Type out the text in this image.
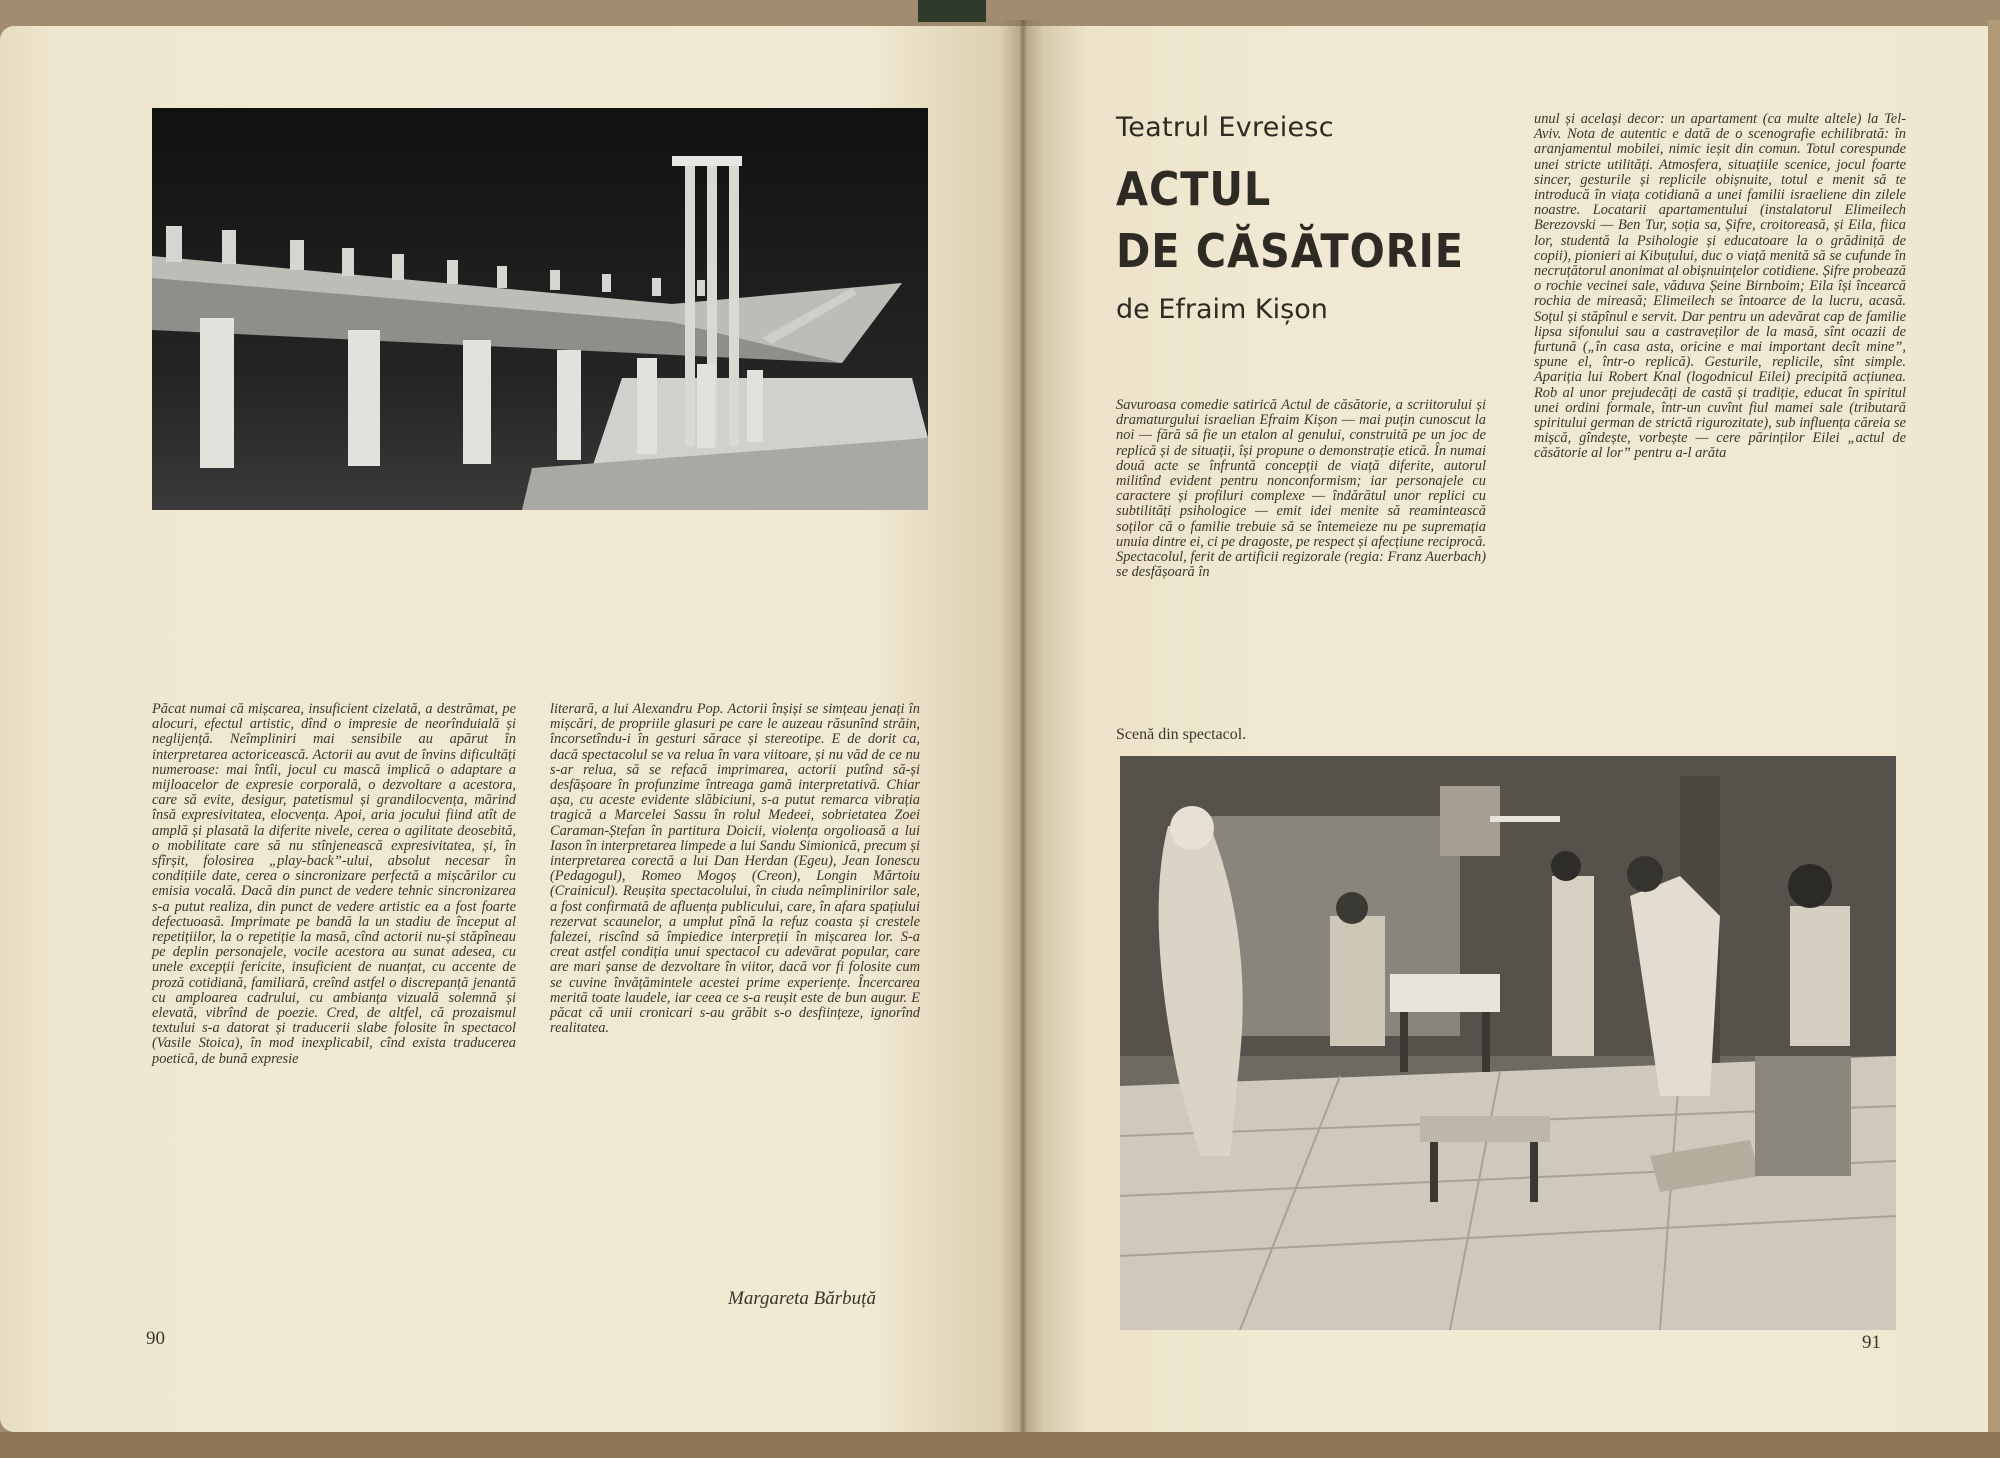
Păcat numai că mișcarea, insuficient cizelată, a destrămat, pe alocuri, efectul artistic, dînd o impresie de neorînduială și neglijență. Neîmpliniri mai sensibile au apărut în interpretarea actoricească. Actorii au avut de învins dificultăți numeroase: mai întîi, jocul cu mască implică o adaptare a mijloacelor de expresie corporală, o dezvoltare a acestora, care să evite, desigur, patetismul și grandilocvența, mărind însă expresivitatea, elocvența. Apoi, aria jocului fiind atît de amplă și plasată la diferite nivele, cerea o agilitate deosebită, o mobilitate care să nu stînjenească expresivitatea, și, în sfîrșit, folosirea „play-back”-ului, absolut necesar în condițiile date, cerea o sincronizare perfectă a mișcărilor cu emisia vocală. Dacă din punct de vedere tehnic sincronizarea s-a putut realiza, din punct de vedere artistic ea a fost foarte defectuoasă. Imprimate pe bandă la un stadiu de început al repetițiilor, la o repetiție la masă, cînd actorii nu-și stăpîneau pe deplin personajele, vocile acestora au sunat adesea, cu unele excepții fericite, insuficient de nuanțat, cu accente de proză cotidiană, familiară, creînd astfel o discrepanță jenantă cu amploarea cadrului, cu ambianța vizuală solemnă și elevată, vibrînd de poezie. Cred, de altfel, că prozaismul textului s-a datorat și traducerii slabe folosite în spectacol (Vasile Stoica), în mod inexplicabil, cînd exista traducerea poetică, de bună expresie
literară, a lui Alexandru Pop. Actorii înșiși se simțeau jenați în mișcări, de propriile glasuri pe care le auzeau răsunînd străin, încorsetîndu-i în gesturi sărace și stereotipe. E de dorit ca, dacă spectacolul se va relua în vara viitoare, și nu văd de ce nu s-ar relua, să se refacă imprimarea, actorii putînd să-și desfășoare în profunzime întreaga gamă interpretativă. Chiar așa, cu aceste evidente slăbiciuni, s-a putut remarca vibrația tragică a Marcelei Sassu în rolul Medeei, sobrietatea Zoei Caraman-Ștefan în partitura Doicii, violența orgolioasă a lui Iason în interpretarea limpede a lui Sandu Simionică, precum și interpretarea corectă a lui Dan Herdan (Egeu), Jean Ionescu (Pedagogul), Romeo Mogoș (Creon), Longin Mărtoiu (Crainicul). Reușita spectacolului, în ciuda neîmplinirilor sale, a fost confirmată de afluența publicului, care, în afara spațiului rezervat scaunelor, a umplut pînă la refuz coasta și crestele falezei, riscînd să împiedice interpreții în mișcarea lor. S-a creat astfel condiția unui spectacol cu adevărat popular, care are mari șanse de dezvoltare în viitor, dacă vor fi folosite cum se cuvine învățămintele acestei prime experiențe. Încercarea merită toate laudele, iar ceea ce s-a reușit este de bun augur. E păcat că unii cronicari s-au grăbit s-o desființeze, ignorînd realitatea.
Margareta Bărbuță
90
Teatrul Evreiesc
ACTUL
DE CĂSĂTORIE
de Efraim Kișon
Savuroasa comedie satirică Actul de căsătorie, a scriitorului și dramaturgului israelian Efraim Kișon — mai puțin cunoscut la noi — fără să fie un etalon al genului, construită pe un joc de replică și de situații, își propune o demonstrație etică. În numai două acte se înfruntă concepții de viață diferite, autorul militînd evident pentru nonconformism; iar personajele cu caractere și profiluri complexe — îndărătul unor replici cu subtilități psihologice — emit idei menite să reamintească soților că o familie trebuie să se întemeieze nu pe supremația unuia dintre ei, ci pe dragoste, pe respect și afecțiune reciprocă. Spectacolul, ferit de artificii regizorale (regia: Franz Auerbach) se desfășoară în
unul și același decor: un apartament (ca multe altele) la Tel-Aviv. Nota de autentic e dată de o scenografie echilibrată: în aranjamentul mobilei, nimic ieșit din comun. Totul corespunde unei stricte utilități. Atmosfera, situațiile scenice, jocul foarte sincer, gesturile și replicile obișnuite, totul e menit să te introducă în viața cotidiană a unei familii israeliene din zilele noastre. Locatarii apartamentului (instalatorul Elimeilech Berezovski — Ben Tur, soția sa, Șifre, croitoreasă, și Eila, fiica lor, studentă la Psihologie și educatoare la o grădiniță de copii), pionieri ai Kibuțului, duc o viață menită să se cufunde în necruțătorul anonimat al obișnuințelor cotidiene. Șifre probează o rochie vecinei sale, văduva Șeine Birnboim; Eila își încearcă rochia de mireasă; Elimeilech se întoarce de la lucru, acasă. Soțul și stăpînul e servit. Dar pentru un adevărat cap de familie lipsa sifonului sau a castraveților de la masă, sînt ocazii de furtună („în casa asta, oricine e mai important decît mine”, spune el, într-o replică). Gesturile, replicile, sînt simple. Apariția lui Robert Knal (logodnicul Eilei) precipită acțiunea. Rob al unor prejudecăți de castă și tradiție, educat în spiritul unei ordini formale, într-un cuvînt fiul mamei sale (tributară spiritului german de strictă rigurozitate), sub influența căreia se mișcă, gîndește, vorbește — cere părinților Eilei „actul de căsătorie al lor” pentru a-l arăta
Scenă din spectacol.
91
